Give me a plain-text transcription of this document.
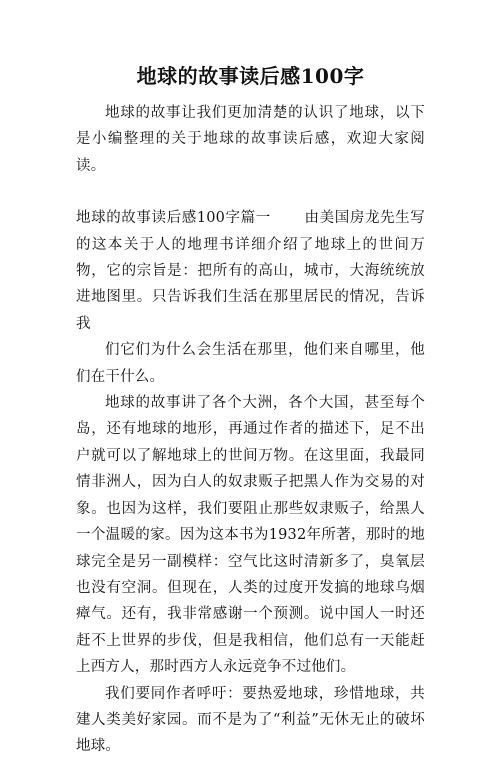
地球的故事读后感100字

地球的故事让我们更加清楚的认识了地球，以下是小编整理的关于地球的故事读后感，欢迎大家阅读。

地球的故事读后感100字篇一 由美国房龙先生写的这本关于人的地理书详细介绍了地球上的世间万物，它的宗旨是：把所有的高山，城市，大海统统放进地图里。只告诉我们生活在那里居民的情况，告诉我

们它们为什么会生活在那里，他们来自哪里，他们在干什么。

地球的故事讲了各个大洲，各个大国，甚至每个岛，还有地球的地形，再通过作者的描述下，足不出户就可以了解地球上的世间万物。在这里面，我最同情非洲人，因为白人的奴隶贩子把黑人作为交易的对象。也因为这样，我们要阻止那些奴隶贩子，给黑人一个温暖的家。因为这本书为1932年所著，那时的地球完全是另一副模样：空气比这时清新多了，臭氧层也没有空洞。但现在，人类的过度开发搞的地球乌烟瘴气。还有，我非常感谢一个预测。说中国人一时还赶不上世界的步伐，但是我相信，他们总有一天能赶上西方人，那时西方人永远竞争不过他们。

我们要同作者呼吁：要热爱地球，珍惜地球，共建人类美好家园。而不是为了“利益”无休无止的破坏地球。
